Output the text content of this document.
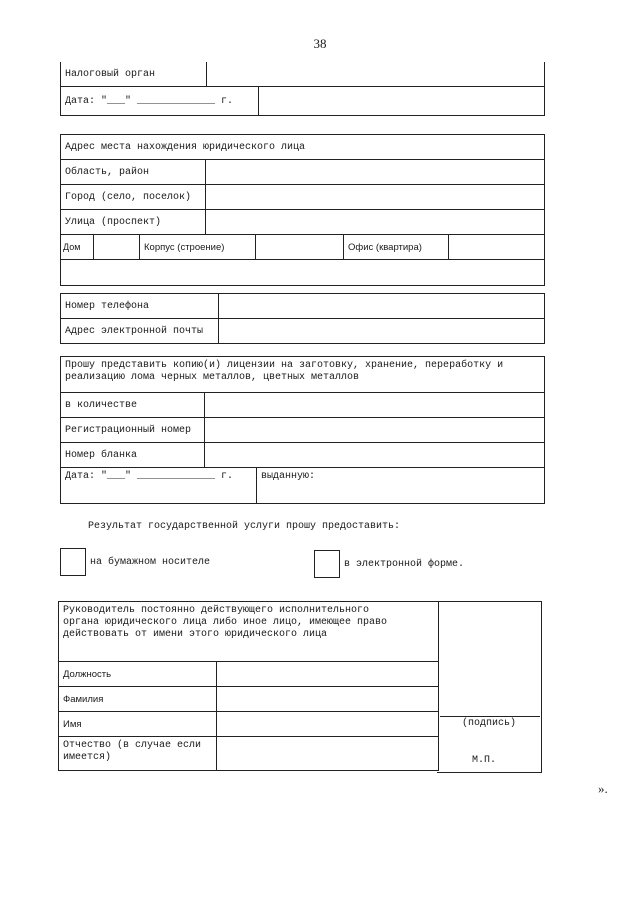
38
Налоговый орган		
Дата: "___" _____________ г.		
Адрес места нахождения юридического лица						
Область, район						
Город (село, поселок)						
Улица (проспект)						
Дом		Корпус (строение)			Офис (квартира)	

Номер телефона	
Адрес электронной почты	
Прошу представить копию(и) лицензии на заготовку, хранение, переработку и реализацию лома черных металлов, цветных металлов		
в количестве		
Регистрационный номер		
Номер бланка		
Дата: "___" _____________ г.		выданную:
Результат государственной услуги прошу предоставить:
на бумажном носителе	в электронной форме.
Руководитель постоянно действующего исполнительного органа юридического лица либо иное лицо, имеющее право действовать от имени этого юридического лица	
Должность	
Фамилия	
Имя	
Отчество (в случае если имеется)	
(подпись)
М.П.
».
